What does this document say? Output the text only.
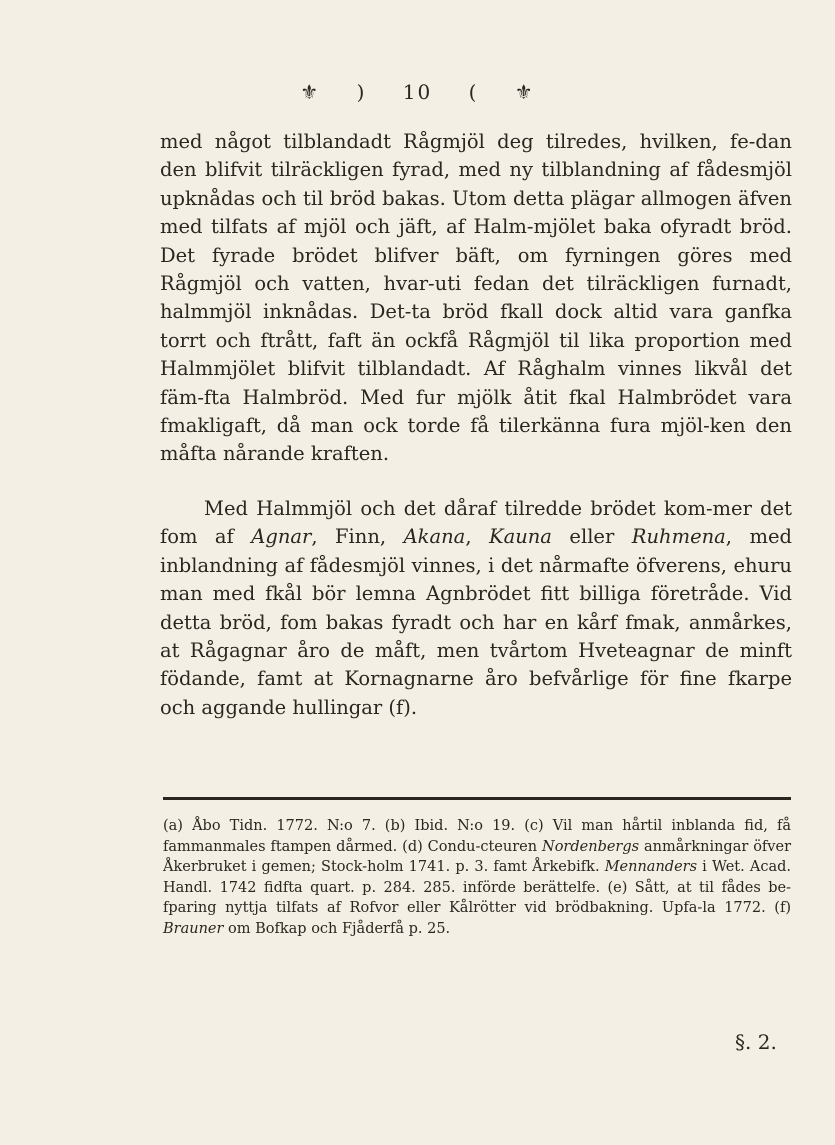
⚜ ) 10 ( ⚜

med något tilblandadt Rågmjöl deg tilredes, hvilken, fe-dan den blifvit tilräckligen fyrad, med ny tilblandning af fådesmjöl upknådas och til bröd bakas. Utom detta plägar allmogen äfven med tilfats af mjöl och jäft, af Halm-mjölet baka ofyradt bröd. Det fyrade brödet blifver bäft, om fyrningen göres med Rågmjöl och vatten, hvar-uti fedan det tilräckligen furnadt, halmmjöl inknådas. Det-ta bröd fkall dock altid vara ganfka torrt och ftrått, faft än ockfå Rågmjöl til lika proportion med Halmmjölet blifvit tilblandadt. Af Råghalm vinnes likvål det fäm-fta Halmbröd. Med fur mjölk åtit fkal Halmbrödet vara fmakligaft, då man ock torde få tilerkänna fura mjöl-ken den måfta nårande kraften.

Med Halmmjöl och det dåraf tilredde brödet kom-mer det fom af Agnar, Finn, Akana, Kauna eller Ruhmena, med inblandning af fådesmjöl vinnes, i det nårmafte öfverens, ehuru man med fkål bör lemna Agnbrödet fitt billiga företråde. Vid detta bröd, fom bakas fyradt och har en kårf fmak, anmårkes, at Rågagnar åro de måft, men tvårtom Hveteagnar de minft födande, famt at Kornagnarne åro befvårlige för fine fkarpe och aggande hullingar (f).

(a) Åbo Tidn. 1772. N:o 7. (b) Ibid. N:o 19. (c) Vil man hårtil inblanda fid, få fammanmales ftampen dårmed. (d) Condu-cteuren Nordenbergs anmårkningar öfver Åkerbruket i gemen; Stock-holm 1741. p. 3. famt Årkebifk. Mennanders i Wet. Acad. Handl. 1742 fidfta quart. p. 284. 285. införde berättelfe. (e) Sått, at til fådes be-fparing nyttja tilfats af Rofvor eller Kålrötter vid brödbakning. Upfa-la 1772. (f) Brauner om Bofkap och Fjåderfå p. 25.
§. 2.
